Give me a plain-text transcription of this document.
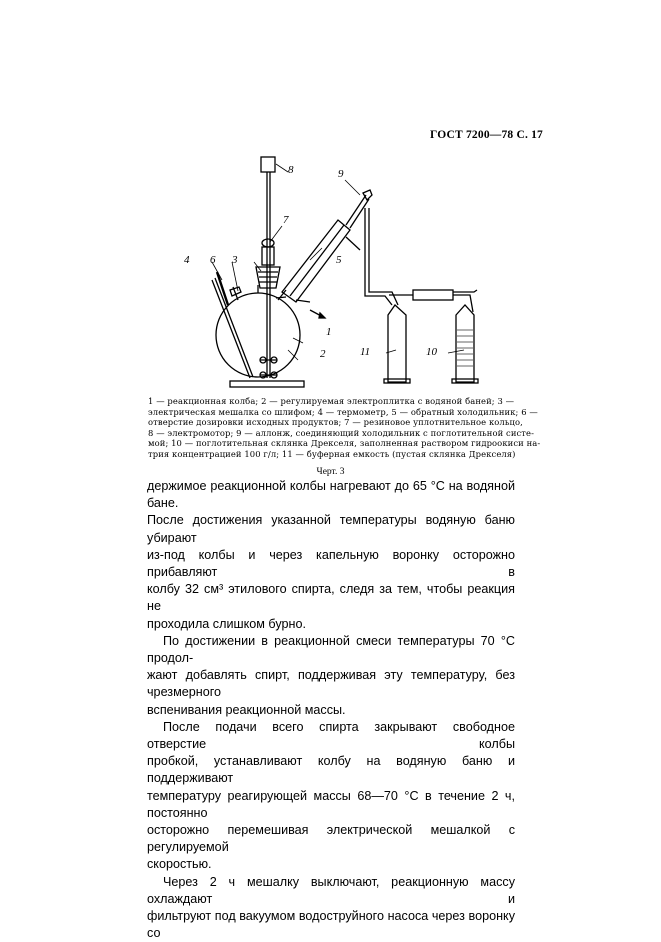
ГОСТ 7200—78 С. 17
8	9
7
4 6 3	5
1
2	11	10
1 — реакционная колба; 2 — регулируемая электроплитка с водяной баней; 3 —
электрическая мешалка со шлифом; 4 — термометр, 5 — обратный холодильник; 6 —
отверстие дозировки исходных продуктов; 7 — резиновое уплотнительное кольцо,
8 — электромотор; 9 — аллонж, соединяющий холодильник с поглотительной систе-
мой; 10 — поглотительная склянка Дрекселя, заполненная раствором гидроокиси на-
трия концентрацией 100 г/л; 11 — буферная емкость (пустая склянка Дрекселя)
Черт. 3

держимое реакционной колбы нагревают до 65 °С на водяной бане.

После достижения указанной температуры водяную баню убирают

из-под колбы и через капельную воронку осторожно прибавляют в

колбу 32 см³ этилового спирта, следя за тем, чтобы реакция не

проходила слишком бурно.

По достижении в реакционной смеси температуры 70 °С продол-

жают добавлять спирт, поддерживая эту температуру, без чрезмерного

вспенивания реакционной массы.

После подачи всего спирта закрывают свободное отверстие колбы

пробкой, устанавливают колбу на водяную баню и поддерживают

температуру реагирующей массы 68—70 °С в течение 2 ч, постоянно

осторожно перемешивая электрической мешалкой с регулируемой

скоростью.

Через 2 ч мешалку выключают, реакционную массу охлаждают и

фильтруют под вакуумом водоструйного насоса через воронку со
